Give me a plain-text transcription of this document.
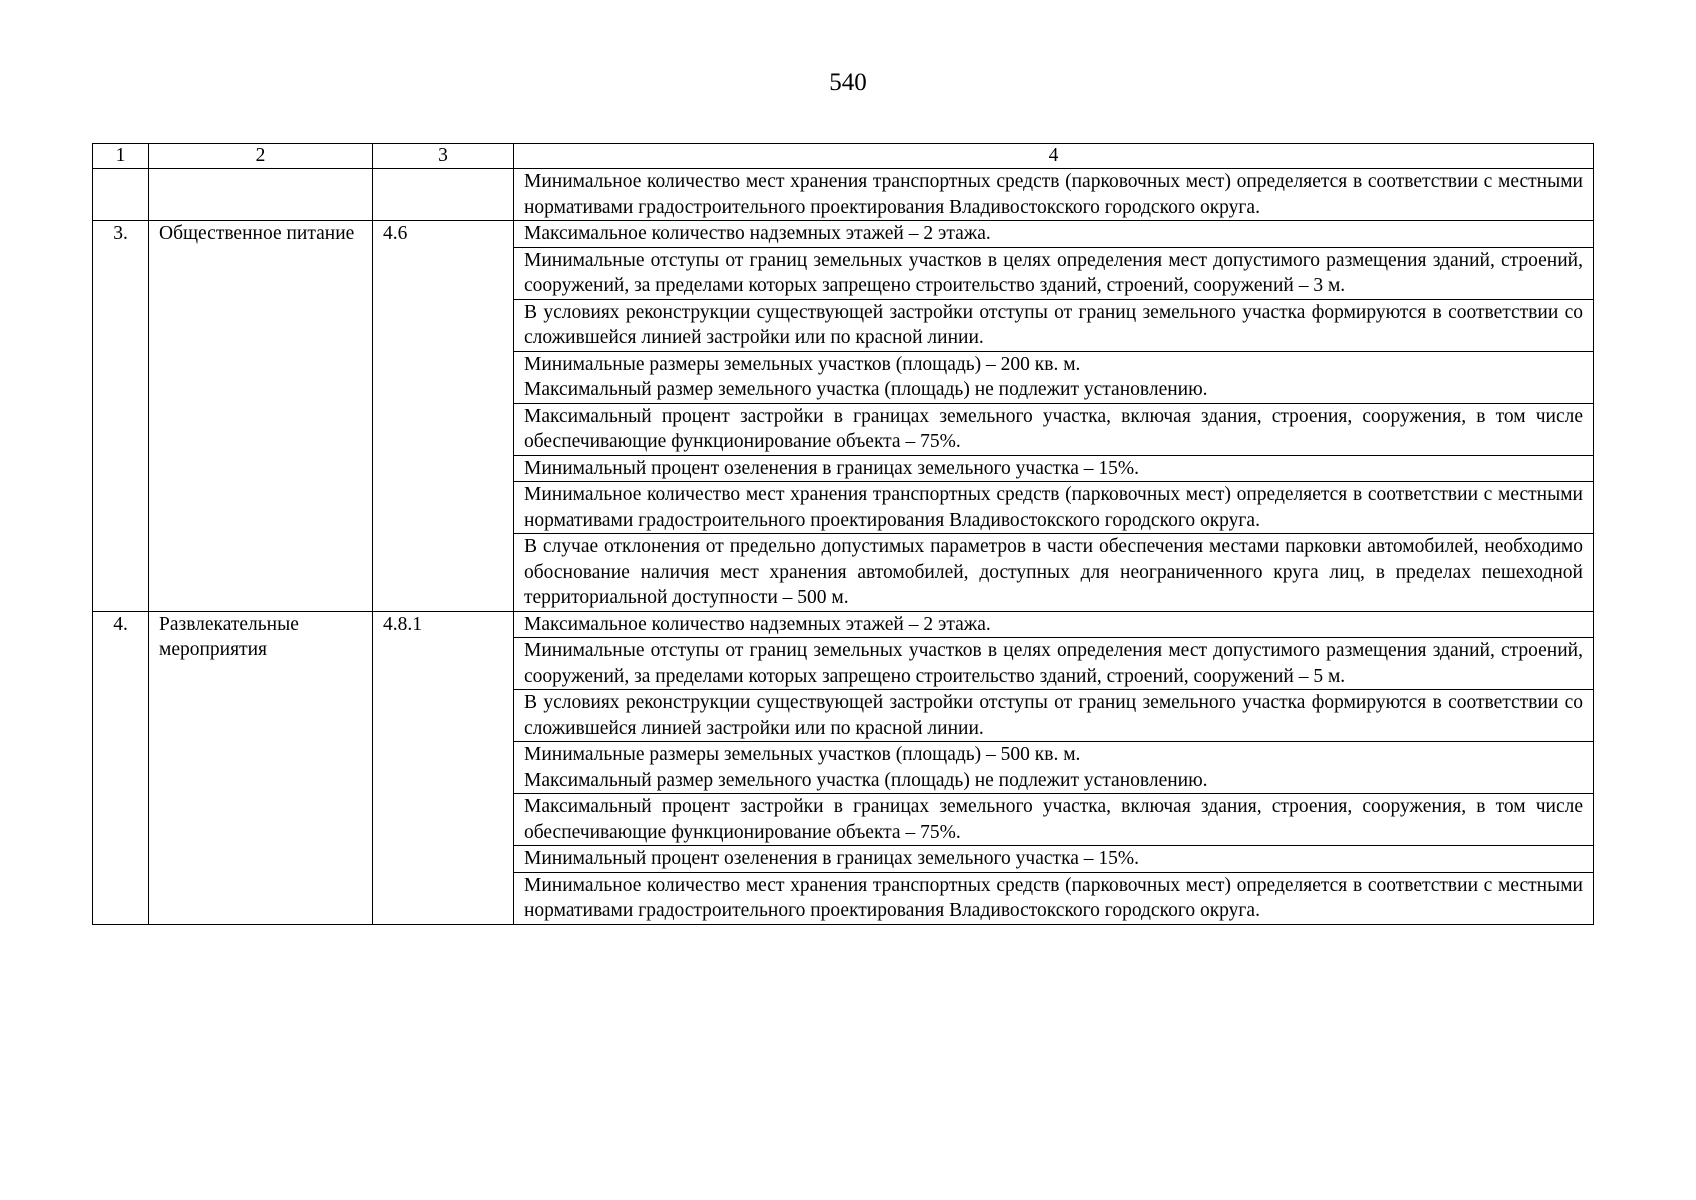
540
1	2	3	4
			Минимальное количество мест хранения транспортных средств (парковочных мест) определяется в соответствии с местными нормативами градостроительного проектирования Владивостокского городского округа.
3.	Общественное питание	4.6	Максимальное количество надземных этажей – 2 этажа.
			Минимальные отступы от границ земельных участков в целях определения мест допустимого размещения зданий, строений, сооружений, за пределами которых запрещено строительство зданий, строений, сооружений – 3 м.
			В условиях реконструкции существующей застройки отступы от границ земельного участка формируются в соответствии со сложившейся линией застройки или по красной линии.
			Минимальные размеры земельных участков (площадь) – 200 кв. м.
Максимальный размер земельного участка (площадь) не подлежит установлению.
			Максимальный процент застройки в границах земельного участка, включая здания, строения, сооружения, в том числе обеспечивающие функционирование объекта – 75%.
			Минимальный процент озеленения в границах земельного участка – 15%.
			Минимальное количество мест хранения транспортных средств (парковочных мест) определяется в соответствии с местными нормативами градостроительного проектирования Владивостокского городского округа.
			В случае отклонения от предельно допустимых параметров в части обеспечения местами парковки автомобилей, необходимо обоснование наличия мест хранения автомобилей, доступных для неограниченного круга лиц, в пределах пешеходной территориальной доступности – 500 м.
4.	Развлекательные мероприятия	4.8.1	Максимальное количество надземных этажей – 2 этажа.
			Минимальные отступы от границ земельных участков в целях определения мест допустимого размещения зданий, строений, сооружений, за пределами которых запрещено строительство зданий, строений, сооружений – 5 м.
			В условиях реконструкции существующей застройки отступы от границ земельного участка формируются в соответствии со сложившейся линией застройки или по красной линии.
			Минимальные размеры земельных участков (площадь) – 500 кв. м.
Максимальный размер земельного участка (площадь) не подлежит установлению.
			Максимальный процент застройки в границах земельного участка, включая здания, строения, сооружения, в том числе обеспечивающие функционирование объекта – 75%.
			Минимальный процент озеленения в границах земельного участка – 15%.
			Минимальное количество мест хранения транспортных средств (парковочных мест) определяется в соответствии с местными нормативами градостроительного проектирования Владивостокского городского округа.
